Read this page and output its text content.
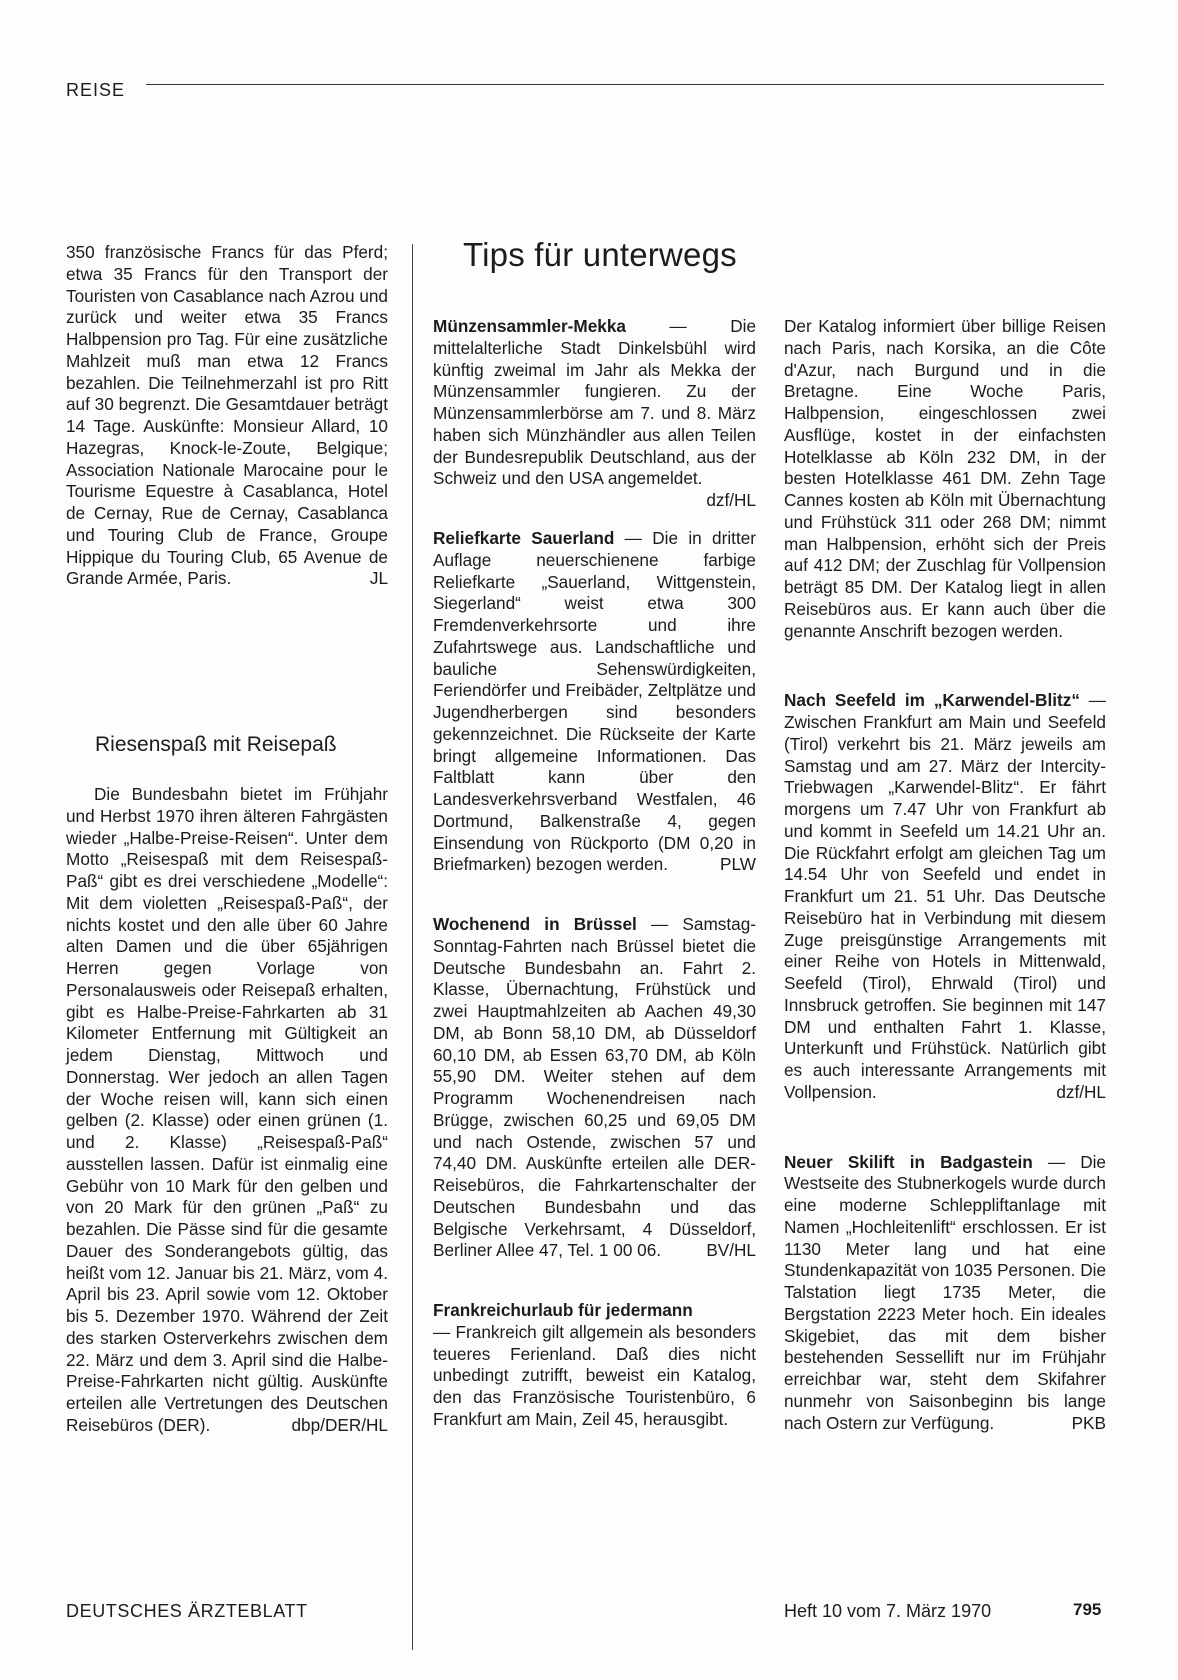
REISE
Tips für unterwegs

350 französische Francs für das Pferd; etwa 35 Francs für den Transport der Touristen von Casablance nach Azrou und zurück und weiter etwa 35 Francs Halbpension pro Tag. Für eine zusätzliche Mahlzeit muß man etwa 12 Francs bezahlen. Die Teilnehmerzahl ist pro Ritt auf 30 begrenzt. Die Gesamtdauer beträgt 14 Tage. Auskünfte: Monsieur Allard, 10 Hazegras, Knock-le-Zoute, Belgique; Association Nationale Marocaine pour le Tourisme Equestre à Casablanca, Hotel de Cernay, Rue de Cernay, Casablanca und Touring Club de France, Groupe Hippique du Touring Club, 65 Avenue de Grande Armée, Paris.	JL

Riesenspaß mit Reisepaß

Die Bundesbahn bietet im Frühjahr und Herbst 1970 ihren älteren Fahrgästen wieder „Halbe-Preise-Reisen“. Unter dem Motto „Reisespaß mit dem Reisespaß-Paß“ gibt es drei verschiedene „Modelle“: Mit dem violetten „Reisespaß-Paß“, der nichts kostet und den alle über 60 Jahre alten Damen und die über 65jährigen Herren gegen Vorlage von Personalausweis oder Reisepaß erhalten, gibt es Halbe-Preise-Fahrkarten ab 31 Kilometer Entfernung mit Gültigkeit an jedem Dienstag, Mittwoch und Donnerstag. Wer jedoch an allen Tagen der Woche reisen will, kann sich einen gelben (2. Klasse) oder einen grünen (1. und 2. Klasse) „Reisespaß-Paß“ ausstellen lassen. Dafür ist einmalig eine Gebühr von 10 Mark für den gelben und von 20 Mark für den grünen „Paß“ zu bezahlen. Die Pässe sind für die gesamte Dauer des Sonderangebots gültig, das heißt vom 12. Januar bis 21. März, vom 4. April bis 23. April sowie vom 12. Oktober bis 5. Dezember 1970. Während der Zeit des starken Osterverkehrs zwischen dem 22. März und dem 3. April sind die Halbe-Preise-Fahrkarten nicht gültig. Auskünfte erteilen alle Vertretungen des Deutschen Reisebüros (DER).	dbp/DER/HL

Münzensammler-Mekka — Die mittelalterliche Stadt Dinkelsbühl wird künftig zweimal im Jahr als Mekka der Münzensammler fungieren. Zu der Münzensammlerbörse am 7. und 8. März haben sich Münzhändler aus allen Teilen der Bundesrepublik Deutschland, aus der Schweiz und den USA angemeldet.
dzf/HL

Reliefkarte Sauerland — Die in dritter Auflage neuerschienene farbige Reliefkarte „Sauerland, Wittgenstein, Siegerland“ weist etwa 300 Fremdenverkehrsorte und ihre Zufahrtswege aus. Landschaftliche und bauliche Sehenswürdigkeiten, Feriendörfer und Freibäder, Zeltplätze und Jugendherbergen sind besonders gekennzeichnet. Die Rückseite der Karte bringt allgemeine Informationen. Das Faltblatt kann über den Landesverkehrsverband Westfalen, 46 Dortmund, Balkenstraße 4, gegen Einsendung von Rückporto (DM 0,20 in Briefmarken) bezogen werden.	PLW

Wochenend in Brüssel — Samstag-Sonntag-Fahrten nach Brüssel bietet die Deutsche Bundesbahn an. Fahrt 2. Klasse, Übernachtung, Frühstück und zwei Hauptmahlzeiten ab Aachen 49,30 DM, ab Bonn 58,10 DM, ab Düsseldorf 60,10 DM, ab Essen 63,70 DM, ab Köln 55,90 DM. Weiter stehen auf dem Programm Wochenendreisen nach Brügge, zwischen 60,25 und 69,05 DM und nach Ostende, zwischen 57 und 74,40 DM. Auskünfte erteilen alle DER-Reisebüros, die Fahrkartenschalter der Deutschen Bundesbahn und das Belgische Verkehrsamt, 4 Düsseldorf, Berliner Allee 47, Tel. 1 00 06.	BV/HL

Frankreichurlaub für jedermann
— Frankreich gilt allgemein als besonders teueres Ferienland. Daß dies nicht unbedingt zutrifft, beweist ein Katalog, den das Französische Touristenbüro, 6 Frankfurt am Main, Zeil 45, herausgibt.

Der Katalog informiert über billige Reisen nach Paris, nach Korsika, an die Côte d'Azur, nach Burgund und in die Bretagne. Eine Woche Paris, Halbpension, eingeschlossen zwei Ausflüge, kostet in der einfachsten Hotelklasse ab Köln 232 DM, in der besten Hotelklasse 461 DM. Zehn Tage Cannes kosten ab Köln mit Übernachtung und Frühstück 311 oder 268 DM; nimmt man Halbpension, erhöht sich der Preis auf 412 DM; der Zuschlag für Vollpension beträgt 85 DM. Der Katalog liegt in allen Reisebüros aus. Er kann auch über die genannte Anschrift bezogen werden.

Nach Seefeld im „Karwendel-Blitz“ — Zwischen Frankfurt am Main und Seefeld (Tirol) verkehrt bis 21. März jeweils am Samstag und am 27. März der Intercity-Triebwagen „Karwendel-Blitz“. Er fährt morgens um 7.47 Uhr von Frankfurt ab und kommt in Seefeld um 14.21 Uhr an. Die Rückfahrt erfolgt am gleichen Tag um 14.54 Uhr von Seefeld und endet in Frankfurt um 21. 51 Uhr. Das Deutsche Reisebüro hat in Verbindung mit diesem Zuge preisgünstige Arrangements mit einer Reihe von Hotels in Mittenwald, Seefeld (Tirol), Ehrwald (Tirol) und Innsbruck getroffen. Sie beginnen mit 147 DM und enthalten Fahrt 1. Klasse, Unterkunft und Frühstück. Natürlich gibt es auch interessante Arrangements mit Vollpension.	dzf/HL

Neuer Skilift in Badgastein — Die Westseite des Stubnerkogels wurde durch eine moderne Schleppliftanlage mit Namen „Hochleitenlift“ erschlossen. Er ist 1130 Meter lang und hat eine Stundenkapazität von 1035 Personen. Die Talstation liegt 1735 Meter, die Bergstation 2223 Meter hoch. Ein ideales Skigebiet, das mit dem bisher bestehenden Sessellift nur im Frühjahr erreichbar war, steht dem Skifahrer nunmehr von Saisonbeginn bis lange nach Ostern zur Verfügung.	PKB

DEUTSCHES ÄRZTEBLATT	Heft 10 vom 7. März 1970	795
